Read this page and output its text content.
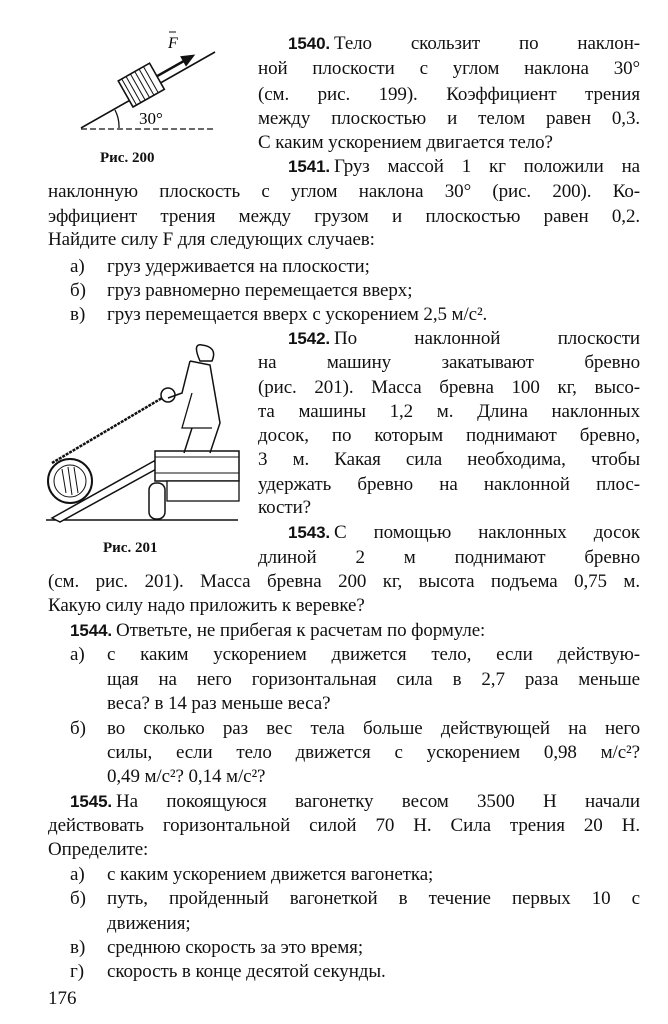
F
30°
Рис. 200
Рис. 201
1540. Тело скользит по наклон-
ной плоскости с углом наклона 30°
(см. рис. 199). Коэффициент трения
между плоскостью и телом равен 0,3.
С каким ускорением двигается тело?
1541. Груз массой 1 кг положили на
наклонную плоскость с углом наклона 30° (рис. 200). Ко-
эффициент трения между грузом и плоскостью равен 0,2.
Найдите силу F для следующих случаев:
груз удерживается на плоскости;
а)
груз равномерно перемещается вверх;
б)
груз перемещается вверх с ускорением 2,5 м/с².
в)
1542. По наклонной плоскости
на машину закатывают бревно
(рис. 201). Масса бревна 100 кг, высо-
та машины 1,2 м. Длина наклонных
досок, по которым поднимают бревно,
3 м. Какая сила необходима, чтобы
удержать бревно на наклонной плос-
кости?
1543. С помощью наклонных досок
длиной 2 м поднимают бревно
(см. рис. 201). Масса бревна 200 кг, высота подъема 0,75 м.
Какую силу надо приложить к веревке?
1544. Ответьте, не прибегая к расчетам по формуле:
с каким ускорением движется тело, если действую-
а)
щая на него горизонтальная сила в 2,7 раза меньше
веса? в 14 раз меньше веса?
во сколько раз вес тела больше действующей на него
б)
силы, если тело движется с ускорением 0,98 м/с²?
0,49 м/с²? 0,14 м/с²?
1545. На покоящуюся вагонетку весом 3500 Н начали
действовать горизонтальной силой 70 Н. Сила трения 20 Н.
Определите:
с каким ускорением движется вагонетка;
а)
путь, пройденный вагонеткой в течение первых 10 с
б)
движения;
среднюю скорость за это время;
в)
скорость в конце десятой секунды.
г)
176
